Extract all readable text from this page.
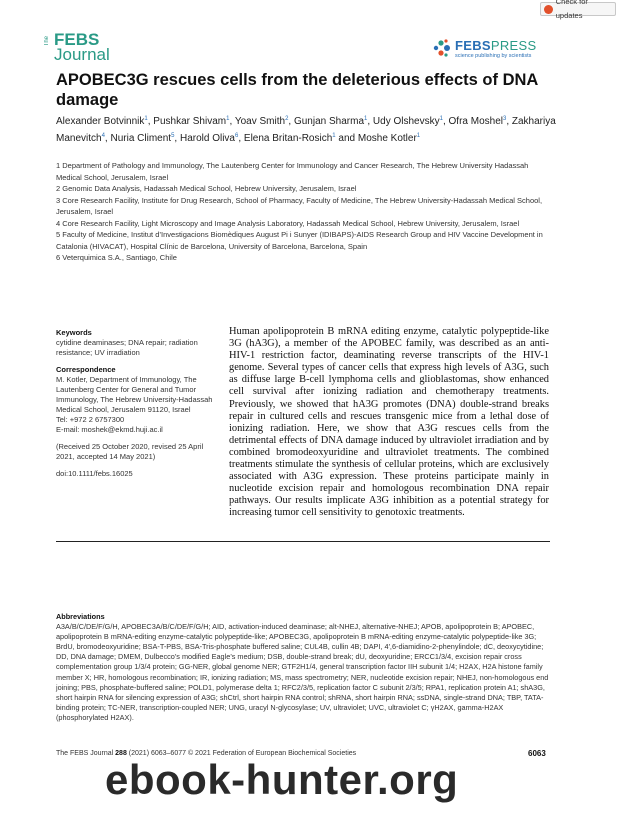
Check for updates
The FEBS
Journal	FEBSPRESS
science publishing by scientists
APOBEC3G rescues cells from the deleterious effects of DNA damage
Alexander Botvinnik$^1$, Pushkar Shivam$^1$, Yoav Smith$^2$, Gunjan Sharma$^1$, Udy Olshevsky$^1$, Ofra Moshel$^3$, Zakhariya Manevitch$^4$, Nuria Climent$^5$, Harold Oliva$^6$, Elena Britan-Rosich$^1$ and Moshe Kotler$^1$

1 Department of Pathology and Immunology, The Lautenberg Center for Immunology and Cancer Research, The Hebrew University Hadassah Medical School, Jerusalem, Israel

2 Genomic Data Analysis, Hadassah Medical School, Hebrew University, Jerusalem, Israel

3 Core Research Facility, Institute for Drug Research, School of Pharmacy, Faculty of Medicine, The Hebrew University-Hadassah Medical School, Jerusalem, Israel

4 Core Research Facility, Light Microscopy and Image Analysis Laboratory, Hadassah Medical School, Hebrew University, Jerusalem, Israel

5 Faculty of Medicine, Institut d’Investigacions Biomèdiques August Pi i Sunyer (IDIBAPS)-AIDS Research Group and HIV Vaccine Development in Catalonia (HIVACAT), Hospital Clínic de Barcelona, University of Barcelona, Barcelona, Spain

6 Veterquimica S.A., Santiago, Chile

Keywords
cytidine deaminases; DNA repair; radiation resistance; UV irradiation
Correspondence
M. Kotler, Department of Immunology, The Lautenberg Center for General and Tumor Immunology, The Hebrew University-Hadassah Medical School, Jerusalem 91120, Israel
Tel: +972 2 6757300
E-mail: moshek@ekmd.huji.ac.il
(Received 25 October 2020, revised 25 April 2021, accepted 14 May 2021)
doi:10.1111/febs.16025
Human apolipoprotein B mRNA editing enzyme, catalytic polypeptide-like 3G (hA3G), a member of the APOBEC family, was described as an anti-HIV-1 restriction factor, deaminating reverse transcripts of the HIV-1 genome. Several types of cancer cells that express high levels of A3G, such as diffuse large B-cell lymphoma cells and glioblastomas, show enhanced cell survival after ionizing radiation and chemotherapy treatments. Previously, we showed that hA3G promotes (DNA) double-strand breaks repair in cultured cells and rescues transgenic mice from a lethal dose of ionizing radiation. Here, we show that A3G rescues cells from the detrimental effects of DNA damage induced by ultraviolet irradiation and by combined bromodeoxyuridine and ultraviolet treatments. The combined treatments stimulate the synthesis of cellular proteins, which are exclusively associated with A3G expression. These proteins participate mainly in nucleotide excision repair and homologous recombination DNA repair pathways. Our results implicate A3G inhibition as a potential strategy for increasing tumor cell sensitivity to genotoxic treatments.
Abbreviations
A3A/B/C/DE/F/G/H, APOBEC3A/B/C/DE/F/G/H; AID, activation-induced deaminase; alt-NHEJ, alternative-NHEJ; APOB, apolipoprotein B; APOBEC, apolipoprotein B mRNA-editing enzyme-catalytic polypeptide-like; APOBEC3G, apolipoprotein B mRNA-editing enzyme-catalytic polypeptide-like 3G; BrdU, bromodeoxyuridine; BSA-T-PBS, BSA-Tris-phosphate buffered saline; CUL4B, cullin 4B; DAPI, 4′,6-diamidino-2-phenylindole; dC, deoxycytidine; DD, DNA damage; DMEM, Dulbecco’s modified Eagle’s medium; DSB, double-strand break; dU, deoxyuridine; ERCC1/3/4, excision repair cross complementation group 1/3/4 protein; GG-NER, global genome NER; GTF2H1/4, general transcription factor IIH subunit 1/4; H2AX, H2A histone family member X; HR, homologous recombination; IR, ionizing radiation; MS, mass spectrometry; NER, nucleotide excision repair; NHEJ, non-homologous end joining; PBS, phosphate-buffered saline; POLD1, polymerase delta 1; RFC2/3/5, replication factor C subunit 2/3/5; RPA1, replication protein A1; shA3G, short hairpin RNA for silencing expression of A3G; shCtrl, short hairpin RNA control; shRNA, short hairpin RNA; ssDNA, single-strand DNA; TBP, TATA-binding protein; TC-NER, transcription-coupled NER; UNG, uracyl N-glycosylase; UV, ultraviolet; UVC, ultraviolet C; γH2AX, gamma-H2AX (phosphorylated H2AX).
The FEBS Journal 288 (2021) 6063–6077 © 2021 Federation of European Biochemical Societies	6063
ebook-hunter.org
